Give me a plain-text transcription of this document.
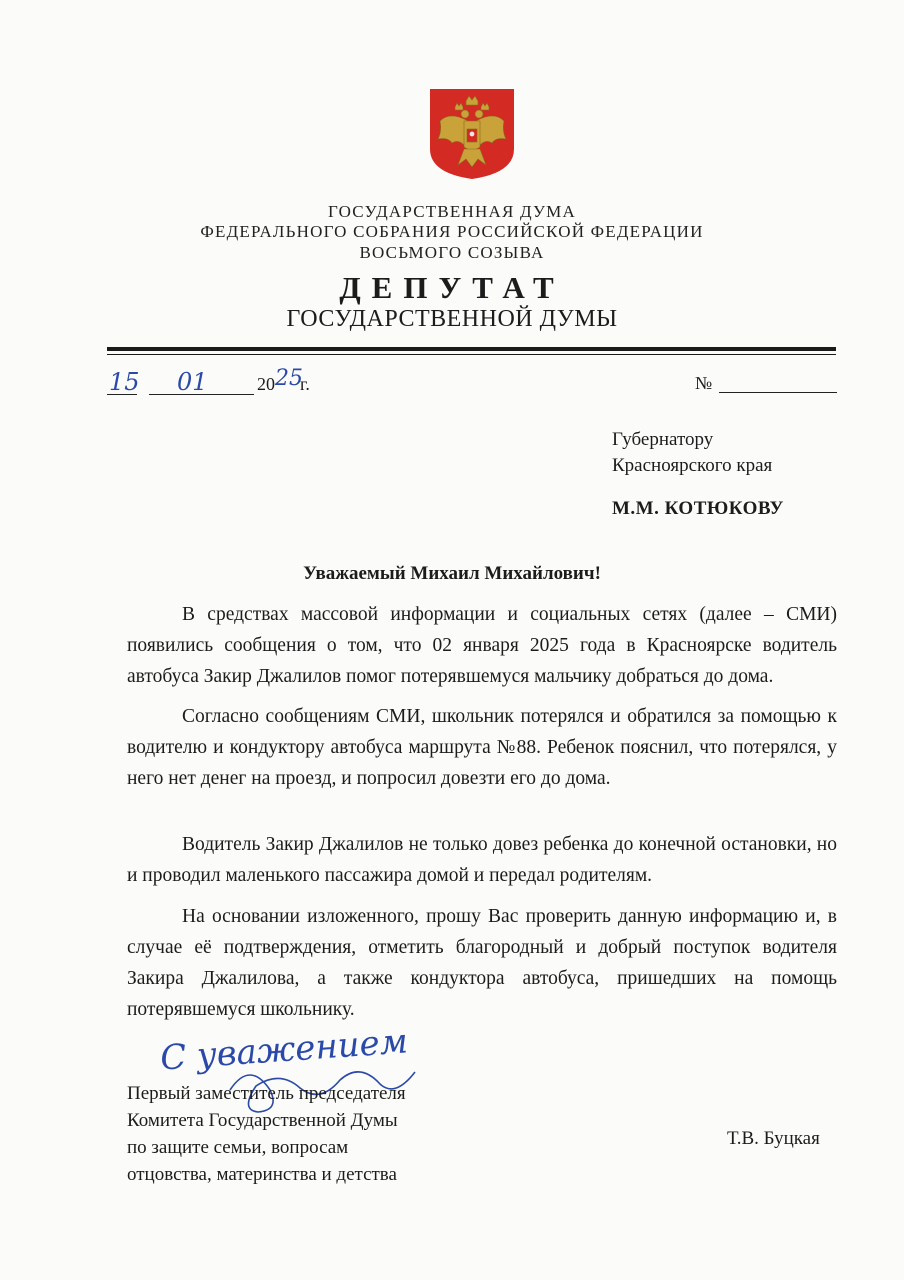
ГОСУДАРСТВЕННАЯ ДУМА
ФЕДЕРАЛЬНОГО СОБРАНИЯ РОССИЙСКОЙ ФЕДЕРАЦИИ
ВОСЬМОГО СОЗЫВА
ДЕПУТАТ
ГОСУДАРСТВЕННОЙ ДУМЫ
15 01	20 25
г.	№
Губернатору
Красноярского края
М.М. КОТЮКОВУ
Уважаемый Михаил Михайлович!
В средствах массовой информации и социальных сетях (далее – СМИ) появились сообщения о том, что 02 января 2025 года в Красноярске водитель автобуса Закир Джалилов помог потерявшемуся мальчику добраться до дома.
Согласно сообщениям СМИ, школьник потерялся и обратился за помощью к водителю и кондуктору автобуса маршрута №88. Ребенок пояснил, что потерялся, у него нет денег на проезд, и попросил довезти его до дома.
Водитель Закир Джалилов не только довез ребенка до конечной остановки, но и проводил маленького пассажира домой и передал родителям.
На основании изложенного, прошу Вас проверить данную информацию и, в случае её подтверждения, отметить благородный и добрый поступок водителя Закира Джалилова, а также кондуктора автобуса, пришедших на помощь потерявшемуся школьнику.
С уважением
Первый заместитель председателя
Комитета Государственной Думы
по защите семьи, вопросам
отцовства, материнства и детства
Т.В. Буцкая
